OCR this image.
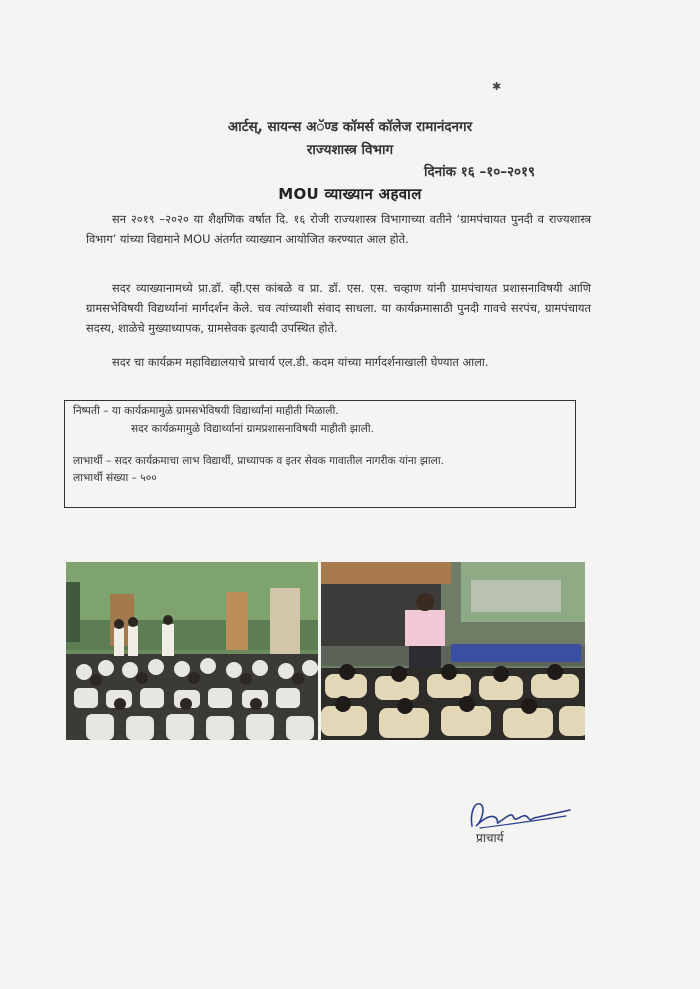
✱
आर्टस्, सायन्स अॅण्ड कॉमर्स कॉलेज रामानंदनगर
राज्यशास्त्र विभाग
दिनांक १६ –१०–२०१९
MOU व्याख्यान अहवाल

सन २०१९ –२०२० या शैक्षणिक वर्षात दि. १६ रोजी राज्यशास्त्र विभागाच्या वतीने ‘ग्रामपंचायत पुनदी व राज्यशास्त्र विभाग’ यांच्या विद्यमाने MOU अंतर्गत व्याख्यान आयोजित करण्यात आल होते.

सदर व्याख्यानामध्ये प्रा.डॉ. व्ही.एस कांबळे व प्रा. डॉ. एस. एस. चव्हाण यांनी ग्रामपंचायत प्रशासनाविषयी आणि ग्रामसभेविषयी विद्यर्थ्यानां मार्गदर्शन केले. चव त्यांच्याशी संवाद साधला. या कार्यक्रमासाठी पुनदी गावचे सरपंच, ग्रामपंचायत सदस्य, शाळेचे मुख्याध्यापक, ग्रामसेवक इत्यादी उपस्थित होते.

सदर चा कार्यक्रम महाविद्यालयाचे प्राचार्य एल.डी. कदम यांच्या मार्गदर्शनाखाली घेण्यात आला.

निष्पती – या कार्यक्रमामुळे ग्रामसभेविषयी विद्यार्थ्यांनां माहीती मिळाली.
सदर कार्यक्रमामुळे विद्यार्थ्यानां ग्रामप्रशासनाविषयी माहीती झाली.
लाभार्थी – सदर कार्यक्रमाचा लाभ विद्यार्थी, प्राध्यापक व इतर सेवक गावातील नागरीक यांना झाला.
लाभार्थी संख्या – ५००
प्राचार्य
